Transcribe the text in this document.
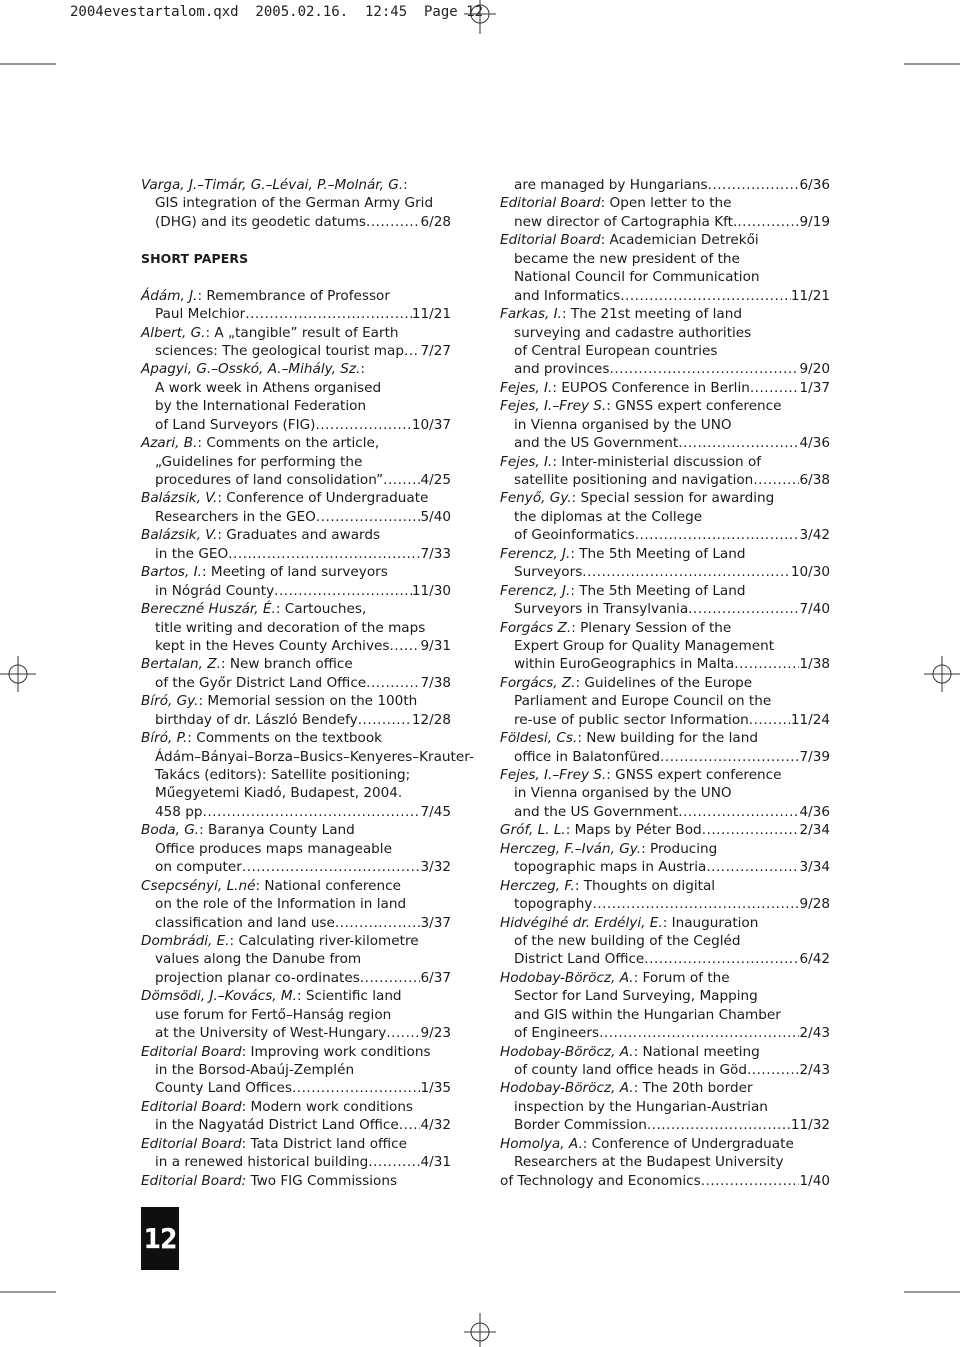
2004evestartalom.qxd  2005.02.16.  12:45  Page 12
Varga, J.–Timár, G.–Lévai, P.–Molnár, G.:
GIS integration of the German Army Grid
(DHG) and its geodetic datums .....	6/28
SHORT PAPERS
Ádám, J.: Remembrance of Professor
Paul Melchior .....	11/21
Albert, G.: A „tangible” result of Earth
sciences: The geological tourist map ..... 7/27
Apagyi, G.–Osskó, A.–Mihály, Sz.:
A work week in Athens organised
by the International Federation
of Land Surveyors (FIG) .....	10/37
Azari, B.: Comments on the article,
„Guidelines for performing the
procedures of land consolidation” .....	4/25
Balázsik, V.: Conference of Undergraduate
Researchers in the GEO .....	5/40
Balázsik, V.: Graduates and awards
in the GEO .....	7/33
Bartos, I.: Meeting of land surveyors
in Nógrád County .....	11/30
Bereczné Huszár, É.: Cartouches,
title writing and decoration of the maps
kept in the Heves County Archives ..... 9/31
Bertalan, Z.: New branch office
of the Győr District Land Office .....	7/38
Bíró, Gy.: Memorial session on the 100th
birthday of dr. László Bendefy .....	12/28
Bíró, P.: Comments on the textbook
Ádám–Bányai–Borza–Busics–Kenyeres–Krauter-
Takács (editors): Satellite positioning;
Műegyetemi Kiadó, Budapest, 2004.
458 pp .....	7/45
Boda, G.: Baranya County Land
Office produces maps manageable
on computer .....	3/32
Csepcsényi, L.né: National conference
on the role of the Information in land
classification and land use .....	3/37
Dombrádi, E.: Calculating river-kilometre
values along the Danube from
projection planar co-ordinates .....	6/37
Dömsödi, J.–Kovács, M.: Scientific land
use forum for Fertő–Hanság region
at the University of West-Hungary .....	9/23
Editorial Board: Improving work conditions
in the Borsod-Abaúj-Zemplén
County Land Offices .....	1/35
Editorial Board: Modern work conditions
in the Nagyatád District Land Office ..... 4/32
Editorial Board: Tata District land office
in a renewed historical building .....	4/31
Editorial Board: Two FIG Commissions
are managed by Hungarians .....	6/36
Editorial Board: Open letter to the
new director of Cartographia Kft. .....	9/19
Editorial Board: Academician Detrekői
became the new president of the
National Council for Communication
and Informatics .....	11/21
Farkas, I.: The 21st meeting of land
surveying and cadastre authorities
of Central European countries
and provinces .....	9/20
Fejes, I.: EUPOS Conference in Berlin .....	1/37
Fejes, I.–Frey S.: GNSS expert conference
in Vienna organised by the UNO
and the US Government .....	4/36
Fejes, I.: Inter-ministerial discussion of
satellite positioning and navigation .....	6/38
Fenyő, Gy.: Special session for awarding
the diplomas at the College
of Geoinformatics .....	3/42
Ferencz, J.: The 5th Meeting of Land
Surveyors .....	10/30
Ferencz, J.: The 5th Meeting of Land
Surveyors in Transylvania .....	7/40
Forgács Z.: Plenary Session of the
Expert Group for Quality Management
within EuroGeographics in Malta .....	1/38
Forgács, Z.: Guidelines of the Europe
Parliament and Europe Council on the
re-use of public sector Information .....	11/24
Földesi, Cs.: New building for the land
office in Balatonfüred .....	7/39
Fejes, I.–Frey S.: GNSS expert conference
in Vienna organised by the UNO
and the US Government .....	4/36
Gróf, L. L.: Maps by Péter Bod .....	2/34
Herczeg, F.–Iván, Gy.: Producing
topographic maps in Austria .....	3/34
Herczeg, F.: Thoughts on digital
topography .....	9/28
Hidvégihé dr. Erdélyi, E.: Inauguration
of the new building of the Cegléd
District Land Office .....	6/42
Hodobay-Böröcz, A.: Forum of the
Sector for Land Surveying, Mapping
and GIS within the Hungarian Chamber
of Engineers .....	2/43
Hodobay-Böröcz, A.: National meeting
of county land office heads in Göd .....	2/43
Hodobay-Böröcz, A.: The 20th border
inspection by the Hungarian-Austrian
Border Commission .....	11/32
Homolya, A.: Conference of Undergraduate
Researchers at the Budapest University
of Technology and Economics .....	1/40
12
